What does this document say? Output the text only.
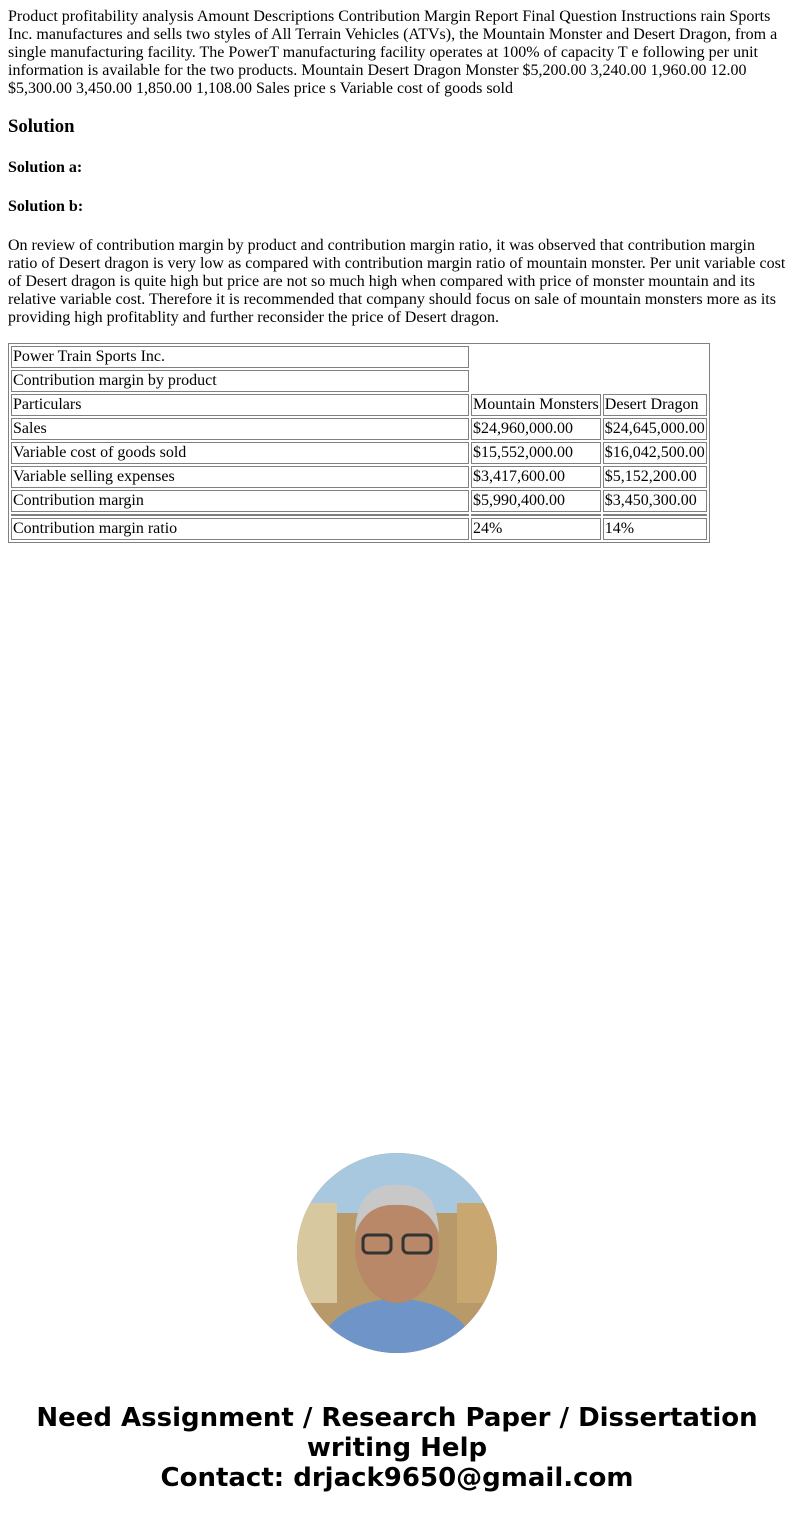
Product profitability analysis Amount Descriptions Contribution Margin Report Final Question Instructions rain Sports Inc. manufactures and sells two styles of All Terrain Vehicles (ATVs), the Mountain Monster and Desert Dragon, from a single manufacturing facility. The PowerT manufacturing facility operates at 100% of capacity T e following per unit information is available for the two products. Mountain Desert Dragon Monster $5,200.00 3,240.00 1,960.00 12.00 $5,300.00 3,450.00 1,850.00 1,108.00 Sales price s Variable cost of goods sold

Solution
Solution a:
Solution b:

On review of contribution margin by product and contribution margin ratio, it was observed that contribution margin ratio of Desert dragon is very low as compared with contribution margin ratio of mountain monster. Per unit variable cost of Desert dragon is quite high but price are not so much high when compared with price of monster mountain and its relative variable cost. Therefore it is recommended that company should focus on sale of mountain monsters more as its providing high profitablity and further reconsider the price of Desert dragon.

Power Train Sports Inc.		
Contribution margin by product		
Particulars	Mountain Monsters	Desert Dragon
Sales	$24,960,000.00	$24,645,000.00
Variable cost of goods sold	$15,552,000.00	$16,042,500.00
Variable selling expenses	$3,417,600.00	$5,152,200.00
Contribution margin	$5,990,400.00	$3,450,300.00

Contribution margin ratio	24%	14%
Need Assignment / Research Paper / Dissertation writing Help
Contact: drjack9650@gmail.com
